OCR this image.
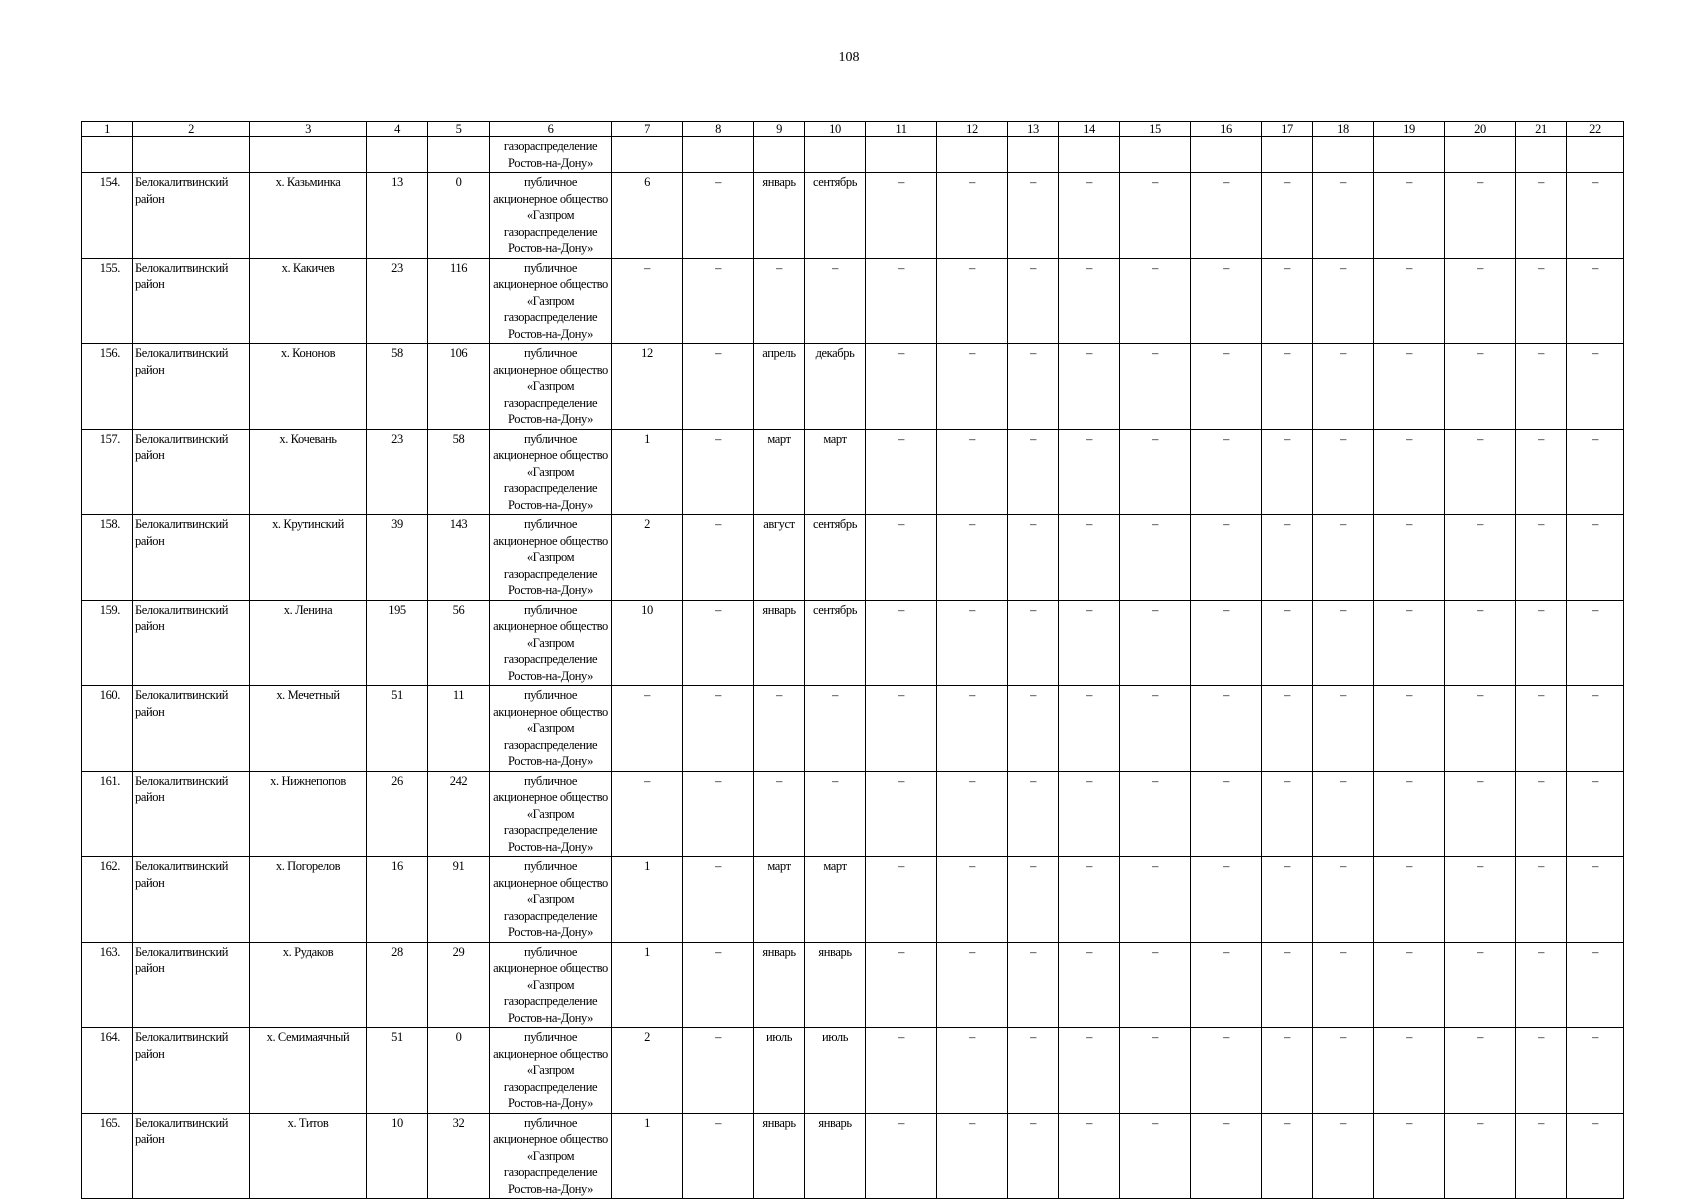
108
1	2	3	4	5	6	7	8	9	10	11	12	13	14	15	16	17	18	19	20	21	22
					газораспределение Ростов-на-Дону»																
154.	Белокалитвинский район	х. Казьминка	13	0	публичное акционерное общество «Газпром газораспределение Ростов-на-Дону»	6	–	январь	сентябрь	–	–	–	–	–	–	–	–	–	–	–	–
155.	Белокалитвинский район	х. Какичев	23	116	публичное акционерное общество «Газпром газораспределение Ростов-на-Дону»	–	–	–	–	–	–	–	–	–	–	–	–	–	–	–	–
156.	Белокалитвинский район	х. Кононов	58	106	публичное акционерное общество «Газпром газораспределение Ростов-на-Дону»	12	–	апрель	декабрь	–	–	–	–	–	–	–	–	–	–	–	–
157.	Белокалитвинский район	х. Кочевань	23	58	публичное акционерное общество «Газпром газораспределение Ростов-на-Дону»	1	–	март	март	–	–	–	–	–	–	–	–	–	–	–	–
158.	Белокалитвинский район	х. Крутинский	39	143	публичное акционерное общество «Газпром газораспределение Ростов-на-Дону»	2	–	август	сентябрь	–	–	–	–	–	–	–	–	–	–	–	–
159.	Белокалитвинский район	х. Ленина	195	56	публичное акционерное общество «Газпром газораспределение Ростов-на-Дону»	10	–	январь	сентябрь	–	–	–	–	–	–	–	–	–	–	–	–
160.	Белокалитвинский район	х. Мечетный	51	11	публичное акционерное общество «Газпром газораспределение Ростов-на-Дону»	–	–	–	–	–	–	–	–	–	–	–	–	–	–	–	–
161.	Белокалитвинский район	х. Нижнепопов	26	242	публичное акционерное общество «Газпром газораспределение Ростов-на-Дону»	–	–	–	–	–	–	–	–	–	–	–	–	–	–	–	–
162.	Белокалитвинский район	х. Погорелов	16	91	публичное акционерное общество «Газпром газораспределение Ростов-на-Дону»	1	–	март	март	–	–	–	–	–	–	–	–	–	–	–	–
163.	Белокалитвинский район	х. Рудаков	28	29	публичное акционерное общество «Газпром газораспределение Ростов-на-Дону»	1	–	январь	январь	–	–	–	–	–	–	–	–	–	–	–	–
164.	Белокалитвинский район	х. Семимаячный	51	0	публичное акционерное общество «Газпром газораспределение Ростов-на-Дону»	2	–	июль	июль	–	–	–	–	–	–	–	–	–	–	–	–
165.	Белокалитвинский район	х. Титов	10	32	публичное акционерное общество «Газпром газораспределение Ростов-на-Дону»	1	–	январь	январь	–	–	–	–	–	–	–	–	–	–	–	–
